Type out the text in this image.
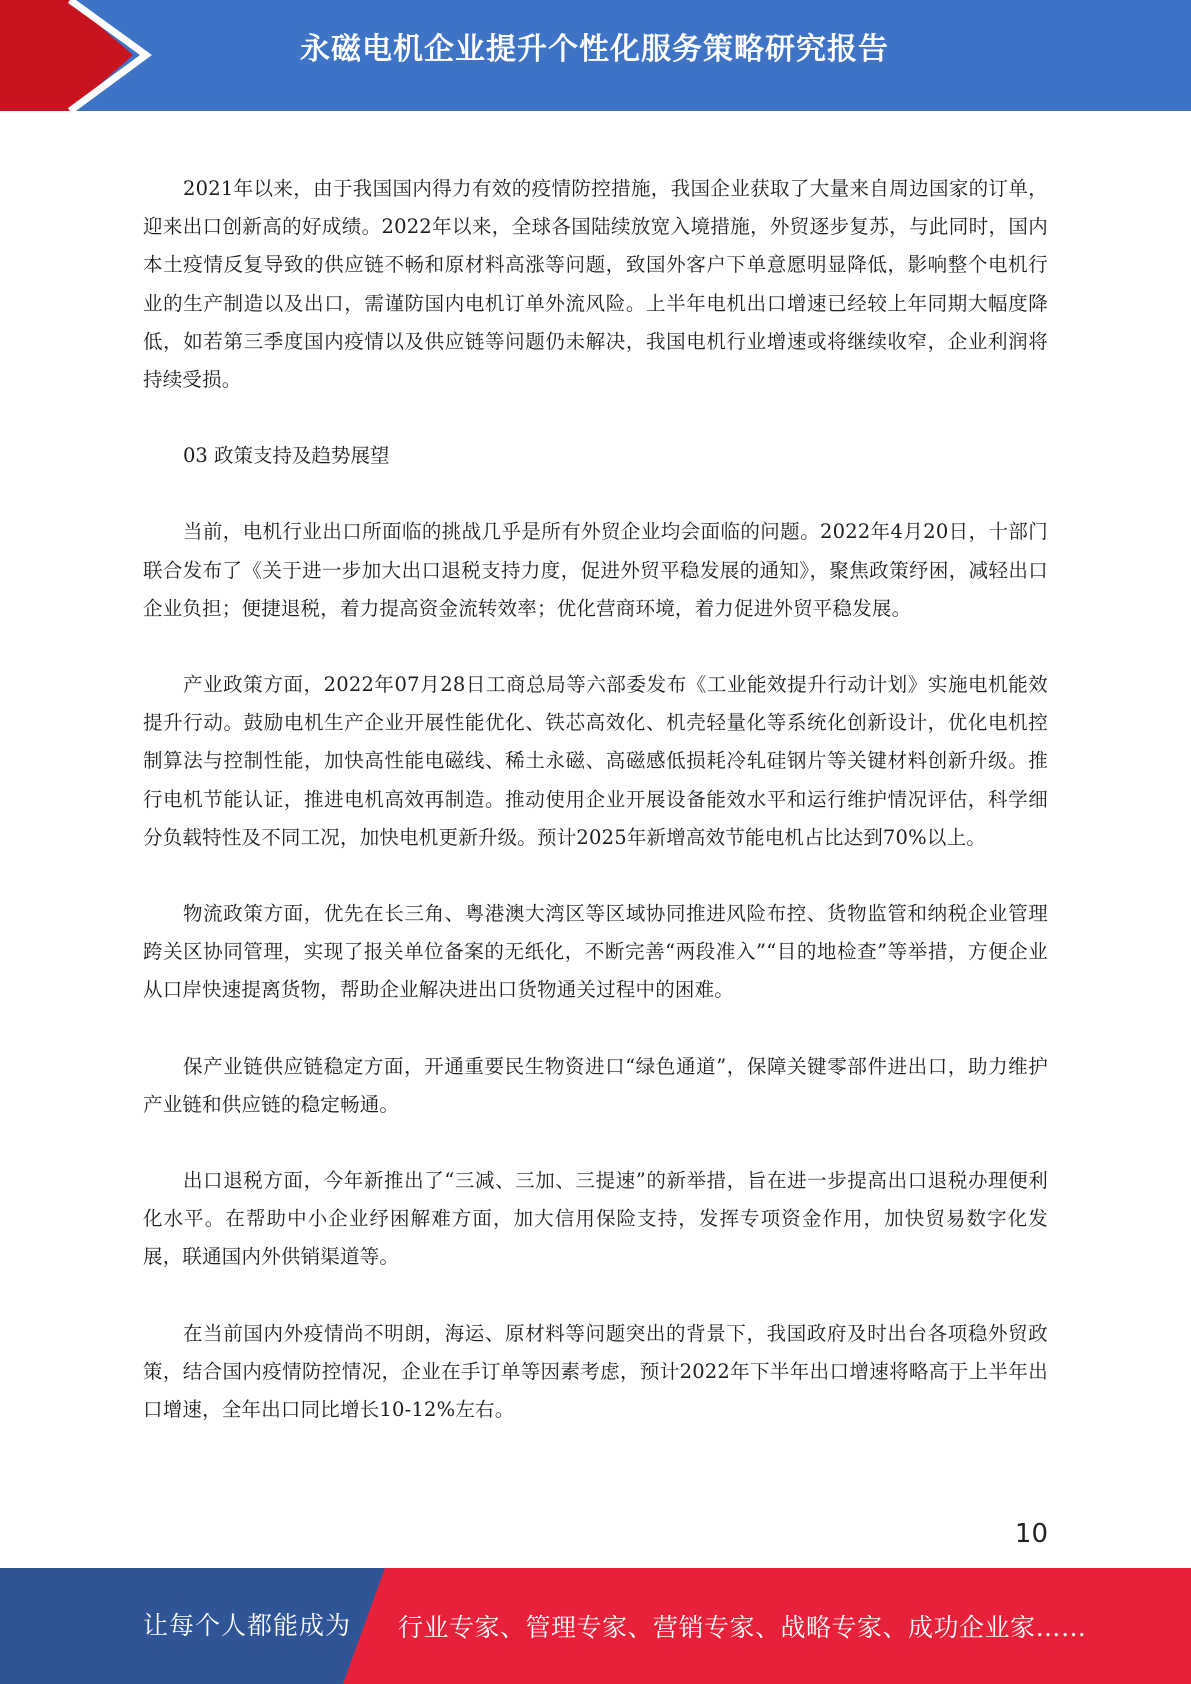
永磁电机企业提升个性化服务策略研究报告

2021年以来，由于我国国内得力有效的疫情防控措施，我国企业获取了大量来自周边国家的订单，迎来出口创新高的好成绩。2022年以来，全球各国陆续放宽入境措施，外贸逐步复苏，与此同时，国内本土疫情反复导致的供应链不畅和原材料高涨等问题，致国外客户下单意愿明显降低，影响整个电机行业的生产制造以及出口，需谨防国内电机订单外流风险。上半年电机出口增速已经较上年同期大幅度降低，如若第三季度国内疫情以及供应链等问题仍未解决，我国电机行业增速或将继续收窄，企业利润将持续受损。

03 政策支持及趋势展望

当前，电机行业出口所面临的挑战几乎是所有外贸企业均会面临的问题。2022年4月20日，十部门联合发布了《关于进一步加大出口退税支持力度，促进外贸平稳发展的通知》，聚焦政策纾困，减轻出口企业负担；便捷退税，着力提高资金流转效率；优化营商环境，着力促进外贸平稳发展。

产业政策方面，2022年07月28日工商总局等六部委发布《工业能效提升行动计划》实施电机能效提升行动。鼓励电机生产企业开展性能优化、铁芯高效化、机壳轻量化等系统化创新设计，优化电机控制算法与控制性能，加快高性能电磁线、稀土永磁、高磁感低损耗冷轧硅钢片等关键材料创新升级。推行电机节能认证，推进电机高效再制造。推动使用企业开展设备能效水平和运行维护情况评估，科学细分负载特性及不同工况，加快电机更新升级。预计2025年新增高效节能电机占比达到70%以上。

物流政策方面，优先在长三角、粤港澳大湾区等区域协同推进风险布控、货物监管和纳税企业管理跨关区协同管理，实现了报关单位备案的无纸化，不断完善“两段准入”“目的地检查”等举措，方便企业从口岸快速提离货物，帮助企业解决进出口货物通关过程中的困难。

保产业链供应链稳定方面，开通重要民生物资进口“绿色通道”，保障关键零部件进出口，助力维护产业链和供应链的稳定畅通。

出口退税方面，今年新推出了“三减、三加、三提速”的新举措，旨在进一步提高出口退税办理便利化水平。在帮助中小企业纾困解难方面，加大信用保险支持，发挥专项资金作用，加快贸易数字化发展，联通国内外供销渠道等。

在当前国内外疫情尚不明朗，海运、原材料等问题突出的背景下，我国政府及时出台各项稳外贸政策，结合国内疫情防控情况，企业在手订单等因素考虑，预计2022年下半年出口增速将略高于上半年出口增速，全年出口同比增长10-12%左右。

10
让每个人都能成为 行业专家、管理专家、营销专家、战略专家、成功企业家……
